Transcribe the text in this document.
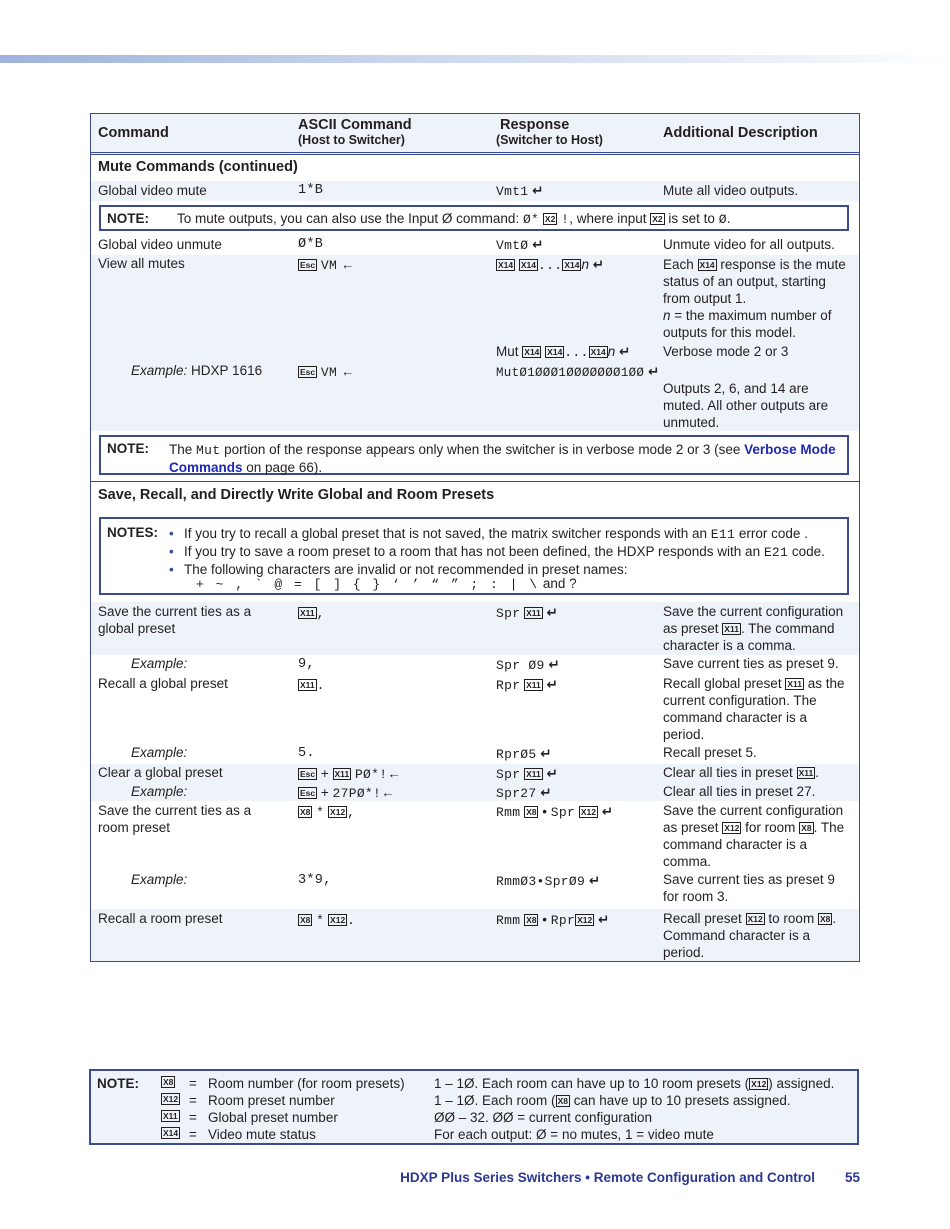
Command	ASCII Command
(Host to Switcher)
Response
(Switcher to Host)	Additional Description
Mute Commands (continued)
Global video mute	1*B	Vmt1 ↵	Mute all video outputs.
NOTE: To mute outputs, you can also use the Input Ø command: Ø* X2 !, where input X2 is set to Ø.
Global video unmute	Ø*B	VmtØ ↵	Unmute video for all outputs.
View all mutes	Esc VM ←	X14 X14 ... X14 n ↵	Each X14 response is the mute status of an output, starting from output 1.
n = the maximum number of outputs for this model.
Mut X14 X14 ... X14 n ↵	Verbose mode 2 or 3
Example: HDXP 1616	Esc VM ←	MutØ1ØØØ1ØØØØØØØ1ØØ ↵
Outputs 2, 6, and 14 are muted. All other outputs are unmuted.
NOTE: The Mut portion of the response appears only when the switcher is in verbose mode 2 or 3 (see Verbose Mode Commands on page 66).
Save, Recall, and Directly Write Global and Room Presets
NOTES:
•	If you try to recall a global preset that is not saved, the matrix switcher responds with an E11 error code .
• If you try to save a room preset to a room that has not been defined, the HDXP responds with an E21 code.
• The following characters are invalid or not recommended in preset names:
+ ~ , ` @ = [ ] { } ‘ ’ “ ” ; : | \ and ?
Save the current ties as a global preset
X11 ,	Spr X11 ↵	Save the current configuration as preset X11 . The command character is a comma.
Example:	9,	Spr Ø9 ↵	Save current ties as preset 9.
Recall a global preset	X11 .	Rpr X11 ↵	Recall global preset X11 as the current configuration. The command character is a period.
Example:	5.	RprØ5 ↵	Recall preset 5.
Clear a global preset	Esc + X11 PØ*!←	Spr X11 ↵	Clear all ties in preset X11 .
Example:	Esc + 27PØ*!←	Spr27 ↵	Clear all ties in preset 27.
Save the current ties as a room preset
X8 * X12 ,	Rmm X8 • Spr X12 ↵	Save the current configuration as preset X12 for room X8 . The command character is a comma.
Example:	3*9,	RmmØ3•SprØ9 ↵	Save current ties as preset 9 for room 3.
Recall a room preset	X8 * X12 .	Rmm X8 • Rpr X12 ↵	Recall preset X12 to room X8 . Command character is a period.
NOTE:	X8 = Room number (for room presets) 1 – 1Ø. Each room can have up to 10 room presets ( X12 ) assigned.
X12 = Room preset number	1 – 1Ø. Each room ( X8 can have up to 10 presets assigned.
X11 = Global preset number	ØØ – 32. ØØ = current configuration
X14 = Video mute status	For each output: Ø = no mutes, 1 = video mute
HDXP Plus Series Switchers • Remote Configuration and Control 55
